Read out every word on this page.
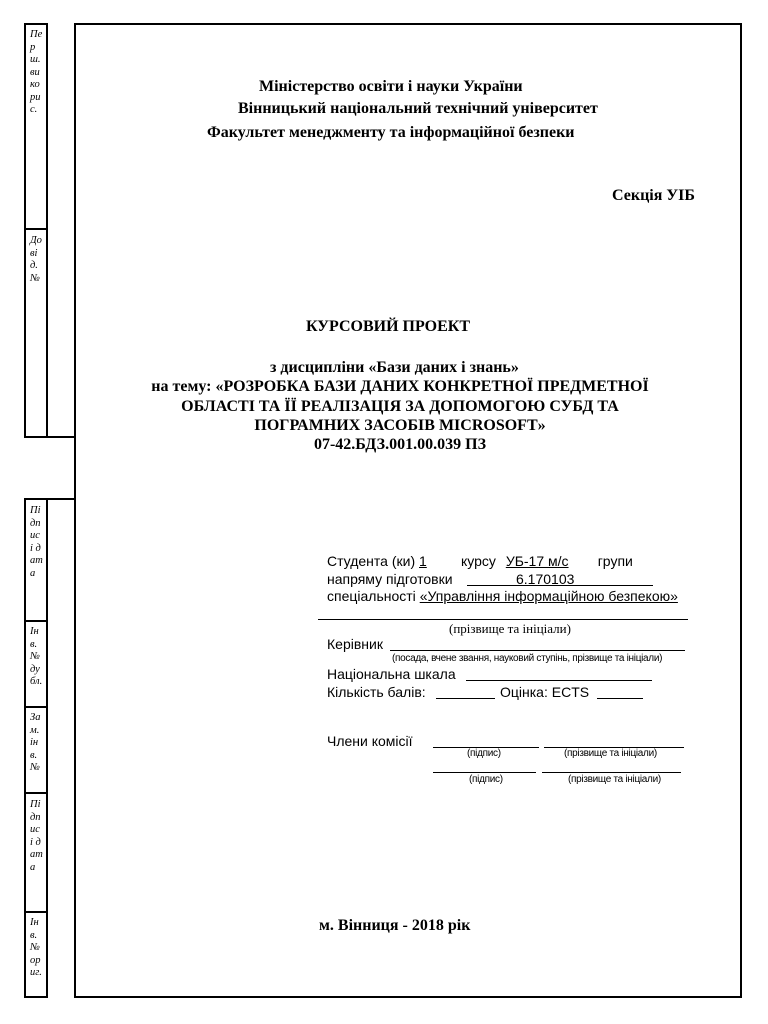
Перш. викорис.
Довід. №
Підпис і дата
Інв. № дубл.
Зам. інв. №
Підпис і дата
Інв. № ориг.
Міністерство освіти і науки України
Вінницький національний технічний університет
Факультет менеджменту та інформаційної безпеки
Секція УІБ
КУРСОВИЙ ПРОЕКТ
з дисципліни «Бази даних і знань»
на тему: «РОЗРОБКА БАЗИ ДАНИХ КОНКРЕТНОЇ ПРЕДМЕТНОЇ
ОБЛАСТІ ТА ЇЇ РЕАЛІЗАЦІЯ ЗА ДОПОМОГОЮ СУБД ТА
ПОГРАМНИХ ЗАСОБІВ MICROSOFT»
07-42.БДЗ.001.00.039 ПЗ
Студента (ки) 1 курсу УБ-17 м/с групи
напряму підготовки	6.170103
спеціальності «Управління інформаційною безпекою»
(прізвище та ініціали)
Керівник
(посада, вчене звання, науковий ступінь, прізвище та ініціали)
Національна шкала
Кількість балів:	Оцінка: ECTS
Члени комісії
(підпис)	(прізвище та ініціали)
(підпис)	(прізвище та ініціали)
м. Вінниця - 2018 рік
